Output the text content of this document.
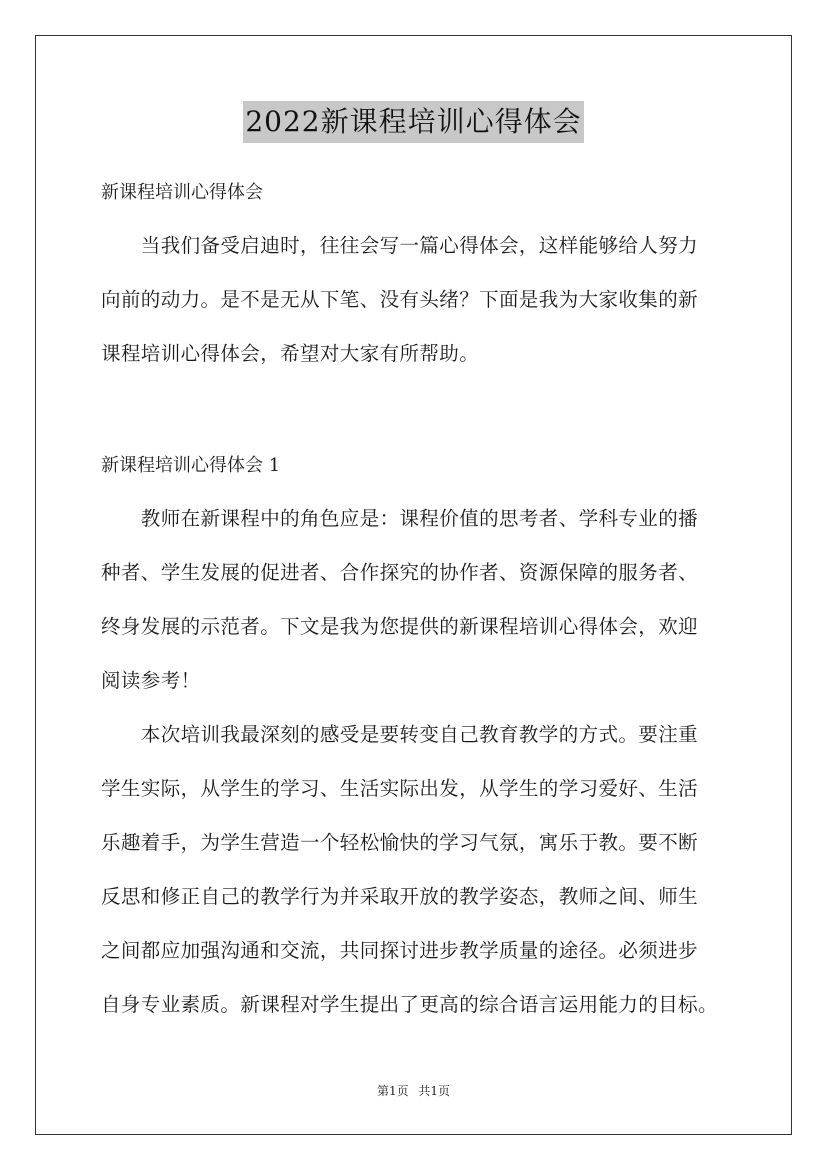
2022新课程培训心得体会
新课程培训心得体会
　　当我们备受启迪时，往往会写一篇心得体会，这样能够给人努力
向前的动力。是不是无从下笔、没有头绪？下面是我为大家收集的新
课程培训心得体会，希望对大家有所帮助。
新课程培训心得体会 1
　　教师在新课程中的角色应是：课程价值的思考者、学科专业的播
种者、学生发展的促进者、合作探究的协作者、资源保障的服务者、
终身发展的示范者。下文是我为您提供的新课程培训心得体会，欢迎
阅读参考！
　　本次培训我最深刻的感受是要转变自己教育教学的方式。要注重
学生实际，从学生的学习、生活实际出发，从学生的学习爱好、生活
乐趣着手，为学生营造一个轻松愉快的学习气氛，寓乐于教。要不断
反思和修正自己的教学行为并采取开放的教学姿态，教师之间、师生
之间都应加强沟通和交流，共同探讨进步教学质量的途径。必须进步
自身专业素质。新课程对学生提出了更高的综合语言运用能力的目标。
第1页 共1页
